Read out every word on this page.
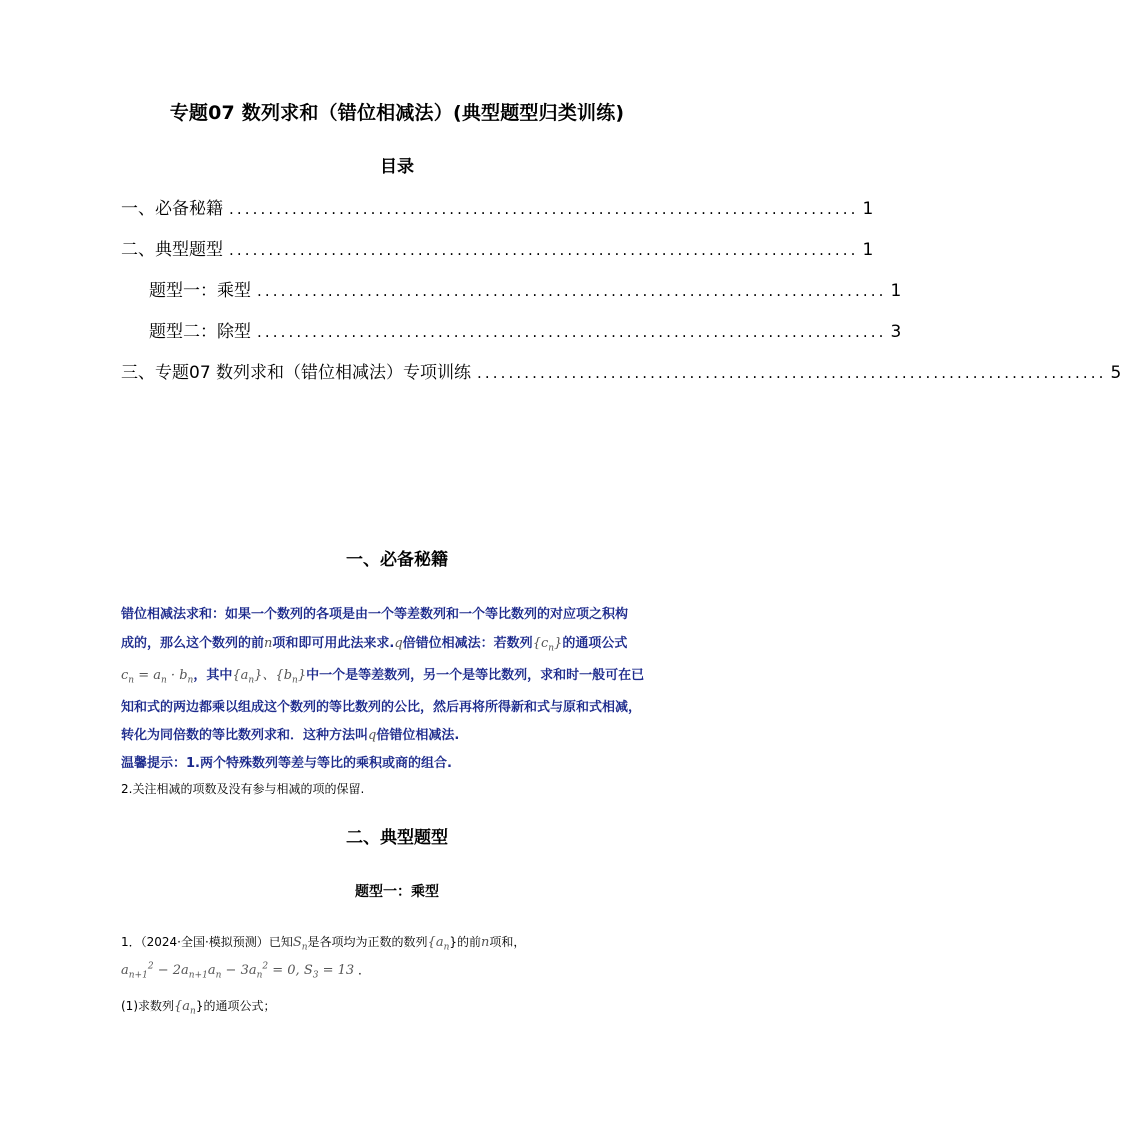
专题07 数列求和（错位相减法）(典型题型归类训练)
目录
一、必备秘籍 ................................................................................ 1
二、典型题型 ................................................................................ 1
题型一：乘型 ................................................................................ 1
题型二：除型 ................................................................................ 3
三、专题07 数列求和（错位相减法）专项训练 ................................................................................ 5
一、必备秘籍
错位相减法求和：如果一个数列的各项是由一个等差数列和一个等比数列的对应项之积构
成的，那么这个数列的前n项和即可用此法来求.q倍错位相减法：若数列$\{c_n\}$的通项公式
$c_n = a_n \cdot b_n$，其中$\{a_n\}$、$\{b_n\}$中一个是等差数列，另一个是等比数列，求和时一般可在已
知和式的两边都乘以组成这个数列的等比数列的公比，然后再将所得新和式与原和式相减，
转化为同倍数的等比数列求和．这种方法叫q倍错位相减法.
温馨提示：1.两个特殊数列等差与等比的乘积或商的组合.
2.关注相减的项数及没有参与相减的项的保留.
二、典型题型
题型一：乘型
1．（2024·全国·模拟预测）已知$S_n$是各项均为正数的数列$\{a_n\}$的前n项和，
$a_{n+1}^2 - 2a_{n+1}a_n - 3a_n^2 = 0$, $S_3 = 13$ .
(1)求数列$\{a_n\}$的通项公式；
